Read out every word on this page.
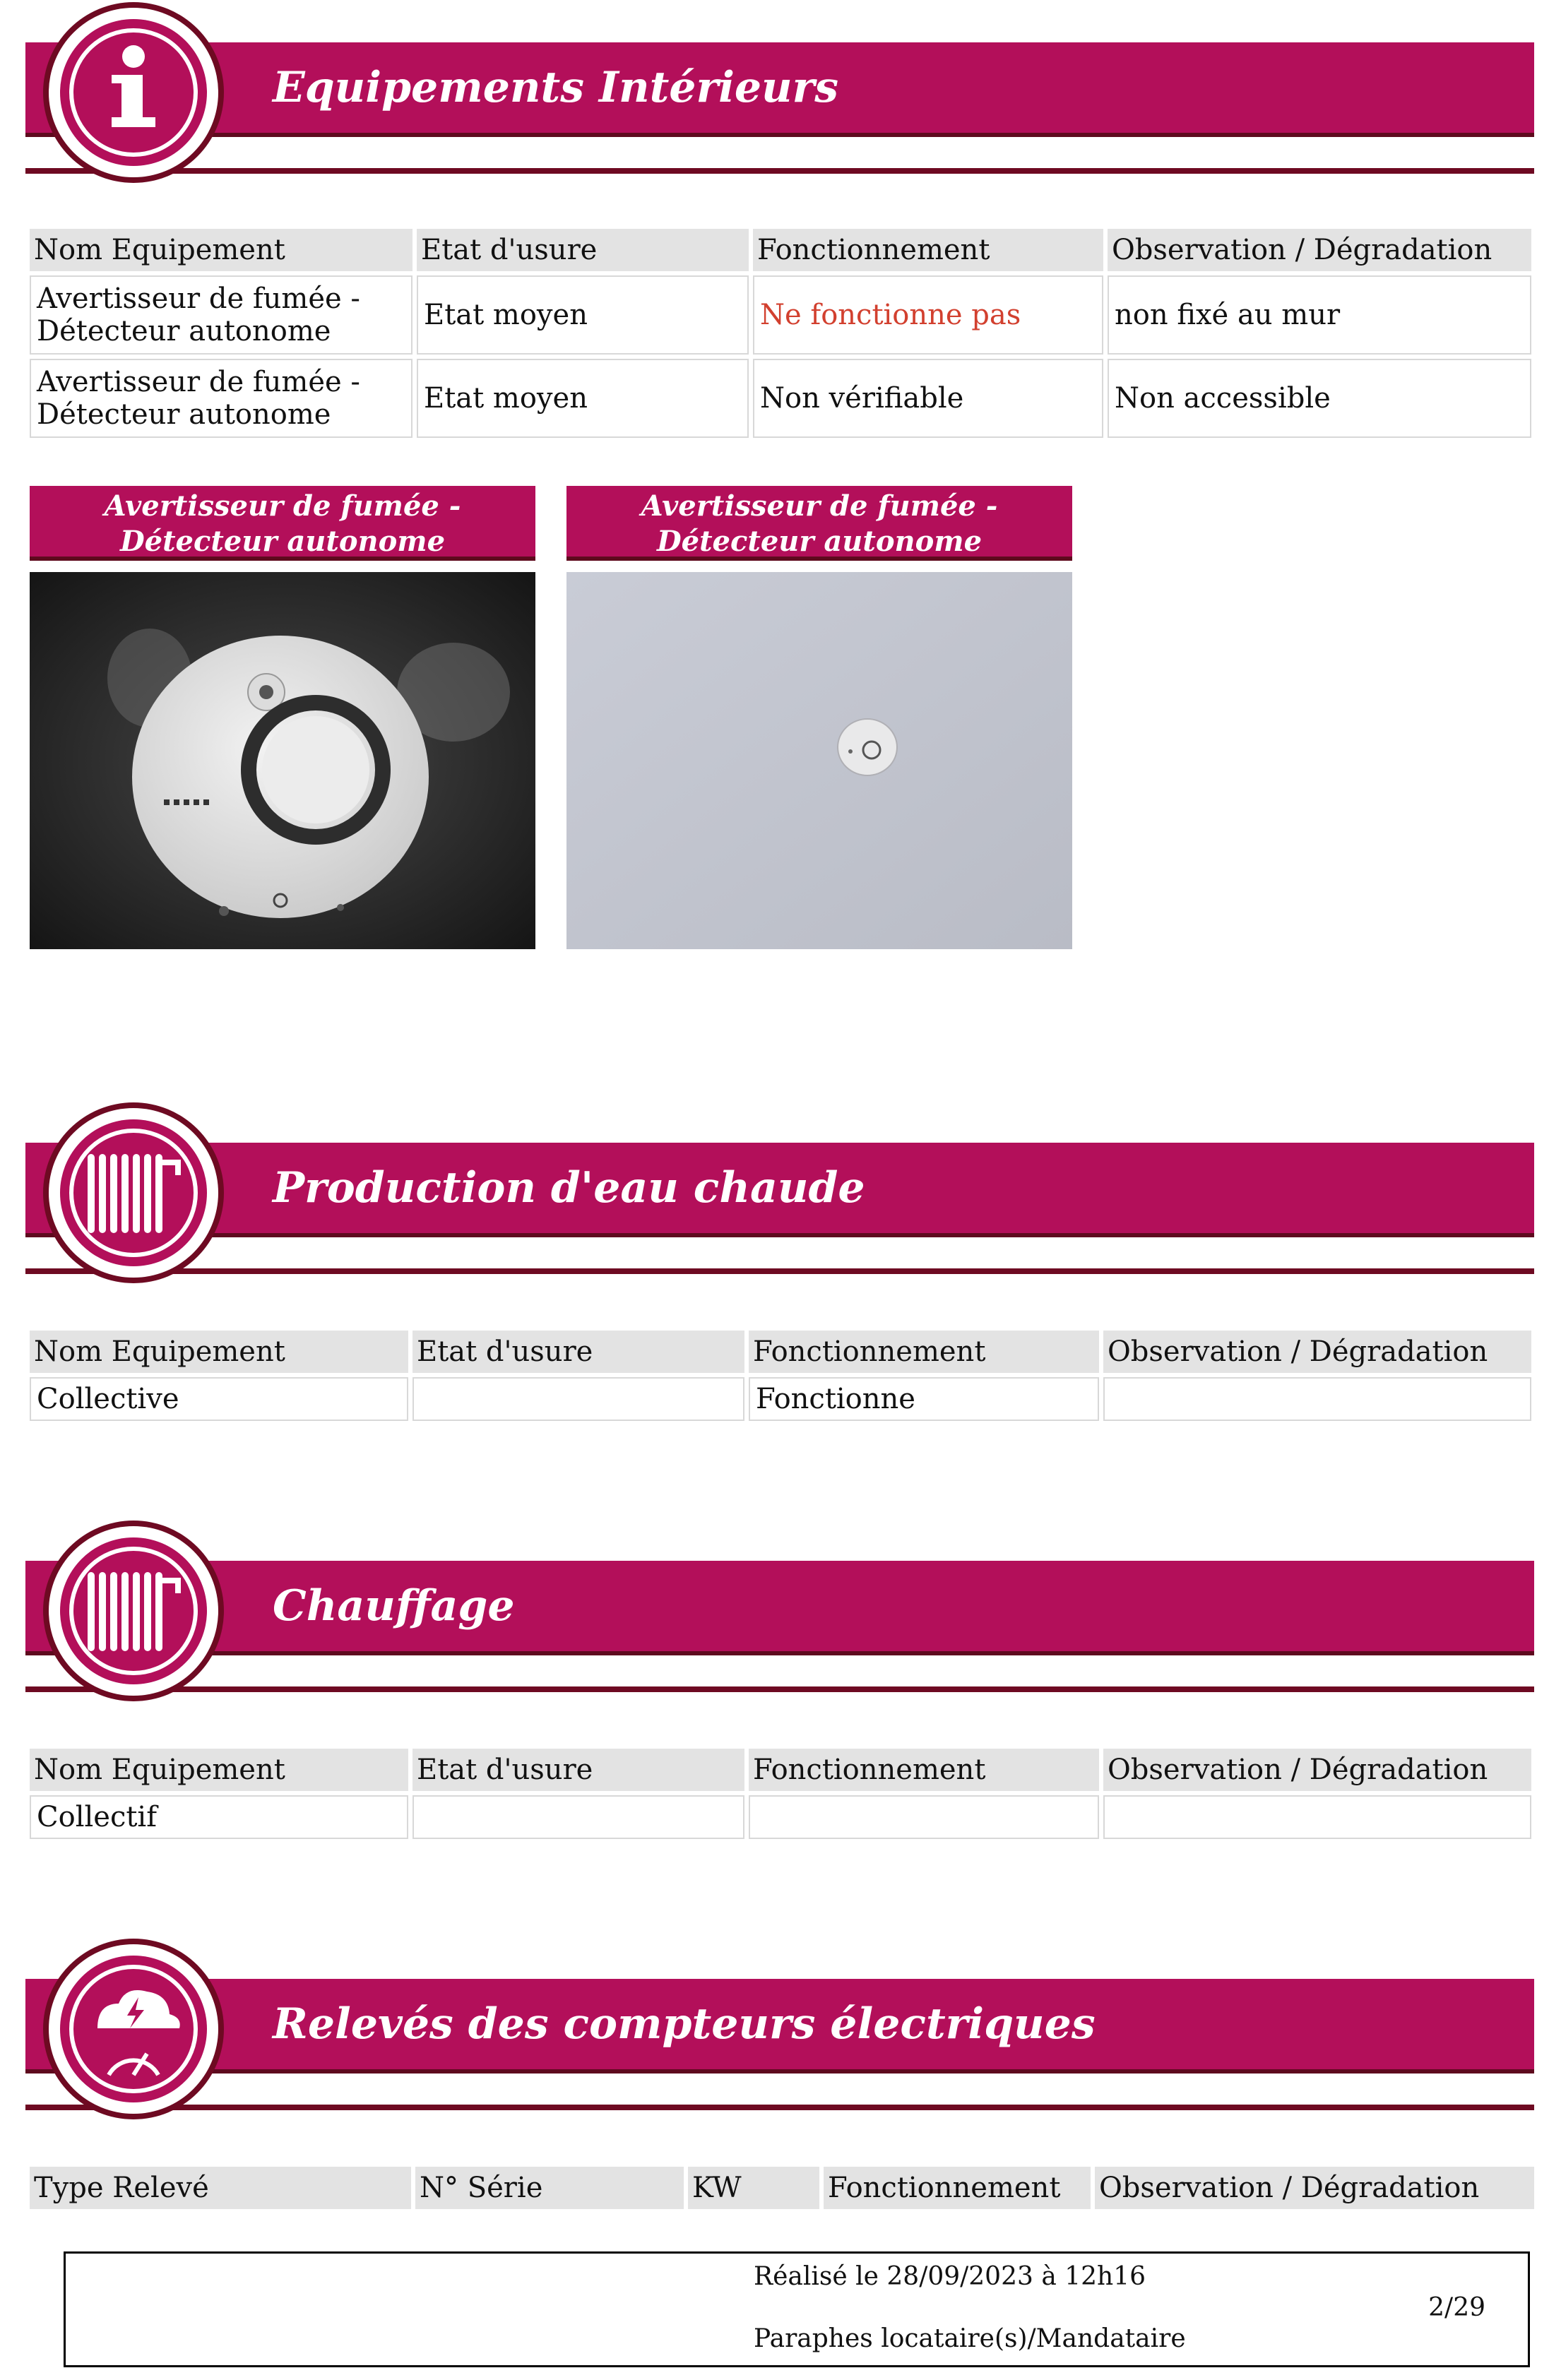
Equipements Intérieurs
Nom Equipement	Etat d'usure	Fonctionnement	Observation / Dégradation
Avertisseur de fumée - Détecteur autonome	Etat moyen	Ne fonctionne pas	non fixé au mur
Avertisseur de fumée - Détecteur autonome	Etat moyen	Non vérifiable	Non accessible
Avertisseur de fumée - Détecteur autonome
Avertisseur de fumée - Détecteur autonome
Production d'eau chaude
Nom Equipement	Etat d'usure	Fonctionnement	Observation / Dégradation
Collective		Fonctionne	
Chauffage
Nom Equipement	Etat d'usure	Fonctionnement	Observation / Dégradation
Collectif			
Relevés des compteurs électriques
Type Relevé	N° Série	KW	Fonctionnement	Observation / Dégradation
Réalisé le 28/09/2023 à 12h16
Paraphes locataire(s)/Mandataire
2/29
